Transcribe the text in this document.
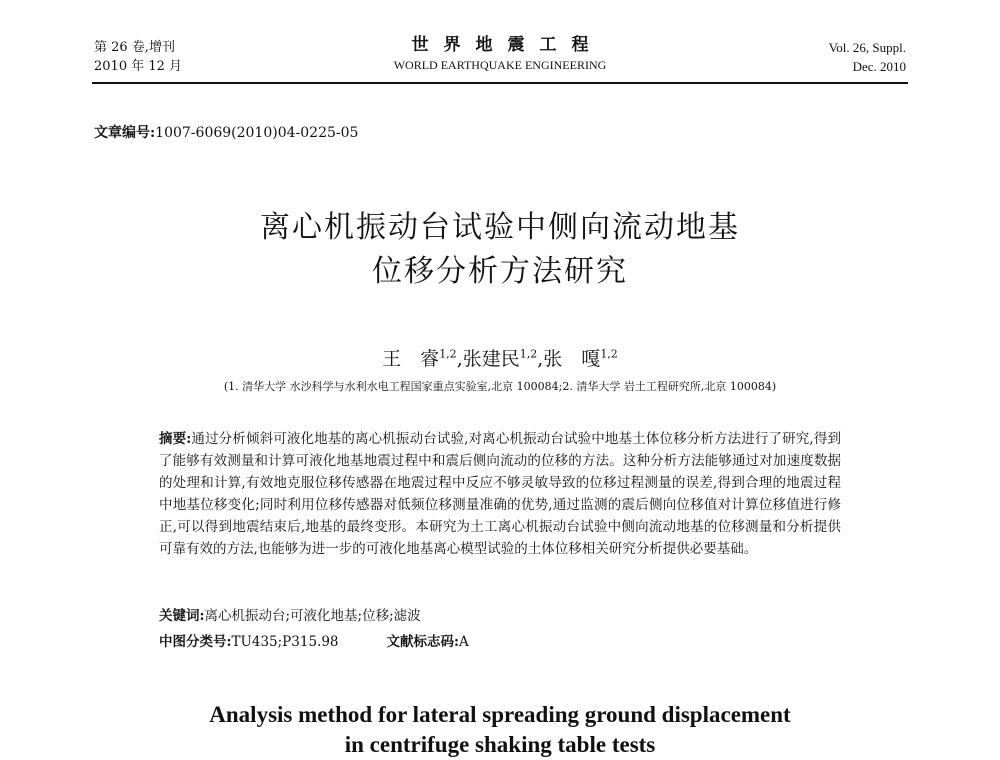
第 26 卷,增刊
2010 年 12 月
世界地震工程
WORLD EARTHQUAKE ENGINEERING
Vol. 26, Suppl.
Dec. 2010
文章编号:1007-6069(2010)04-0225-05
离心机振动台试验中侧向流动地基
位移分析方法研究
王　睿$^{1,2}$,张建民$^{1,2}$,张　嘎$^{1,2}$
(1. 清华大学 水沙科学与水利水电工程国家重点实验室,北京 100084;2. 清华大学 岩土工程研究所,北京 100084)
摘要:通过分析倾斜可液化地基的离心机振动台试验,对离心机振动台试验中地基土体位移分析方法进行了研究,得到了能够有效测量和计算可液化地基地震过程中和震后侧向流动的位移的方法。这种分析方法能够通过对加速度数据的处理和计算,有效地克服位移传感器在地震过程中反应不够灵敏导致的位移过程测量的误差,得到合理的地震过程中地基位移变化;同时利用位移传感器对低频位移测量准确的优势,通过监测的震后侧向位移值对计算位移值进行修正,可以得到地震结束后,地基的最终变形。本研究为土工离心机振动台试验中侧向流动地基的位移测量和分析提供可靠有效的方法,也能够为进一步的可液化地基离心模型试验的土体位移相关研究分析提供必要基础。
关键词:离心机振动台;可液化地基;位移;滤波
中图分类号:TU435;P315.98	文献标志码:A
Analysis method for lateral spreading ground displacement
in centrifuge shaking table tests
